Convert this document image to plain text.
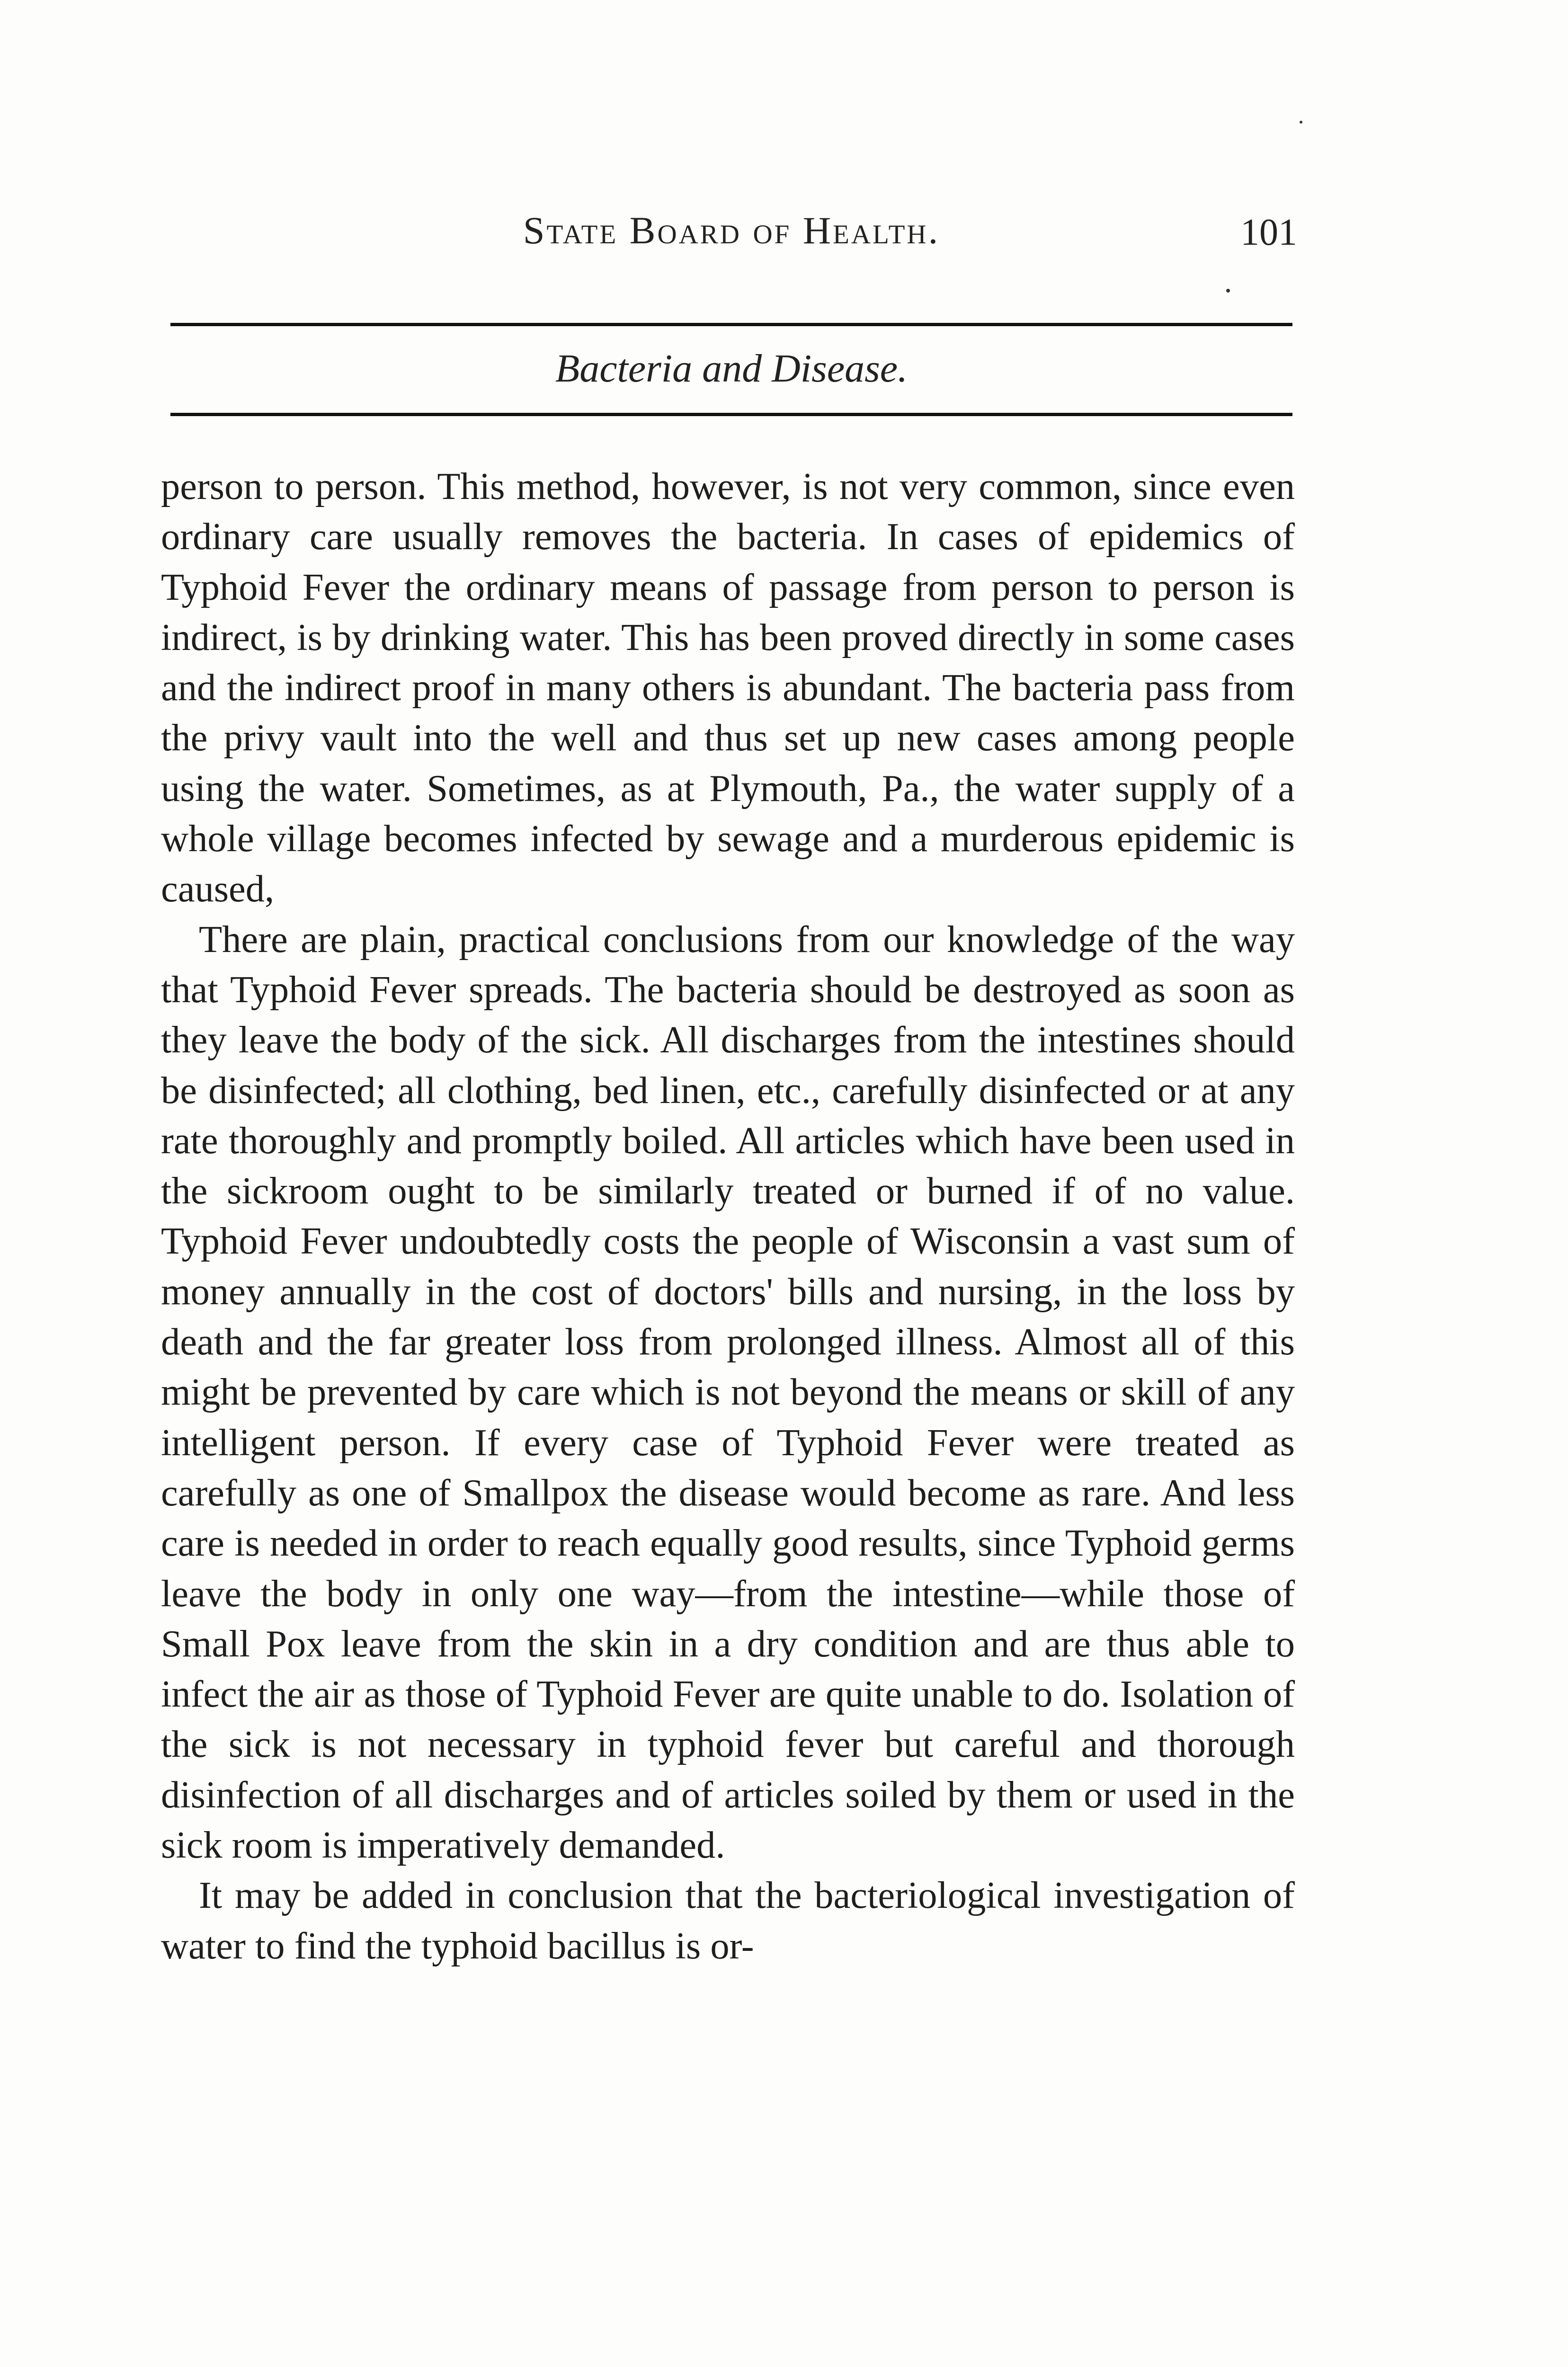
State Board of Health.	101
Bacteria and Disease.

person to person. This method, however, is not very common, since even ordinary care usually removes the bacteria. In cases of epidemics of Typhoid Fever the ordinary means of passage from person to person is indirect, is by drinking water. This has been proved directly in some cases and the indirect proof in many others is abundant. The bacteria pass from the privy vault into the well and thus set up new cases among people using the water. Sometimes, as at Plymouth, Pa., the water supply of a whole village becomes infected by sewage and a murderous epidemic is caused,

There are plain, practical conclusions from our knowledge of the way that Typhoid Fever spreads. The bacteria should be destroyed as soon as they leave the body of the sick. All discharges from the intestines should be disinfected; all clothing, bed linen, etc., carefully disinfected or at any rate thoroughly and promptly boiled. All articles which have been used in the sickroom ought to be similarly treated or burned if of no value. Typhoid Fever undoubtedly costs the people of Wisconsin a vast sum of money annually in the cost of doctors' bills and nursing, in the loss by death and the far greater loss from prolonged illness. Almost all of this might be prevented by care which is not beyond the means or skill of any intelligent person. If every case of Typhoid Fever were treated as carefully as one of Smallpox the disease would become as rare. And less care is needed in order to reach equally good results, since Typhoid germs leave the body in only one way—from the intestine—while those of Small Pox leave from the skin in a dry condition and are thus able to infect the air as those of Typhoid Fever are quite unable to do. Isolation of the sick is not necessary in typhoid fever but careful and thorough disinfection of all discharges and of articles soiled by them or used in the sick room is imperatively demanded.

It may be added in conclusion that the bacteriological investigation of water to find the typhoid bacillus is or-
